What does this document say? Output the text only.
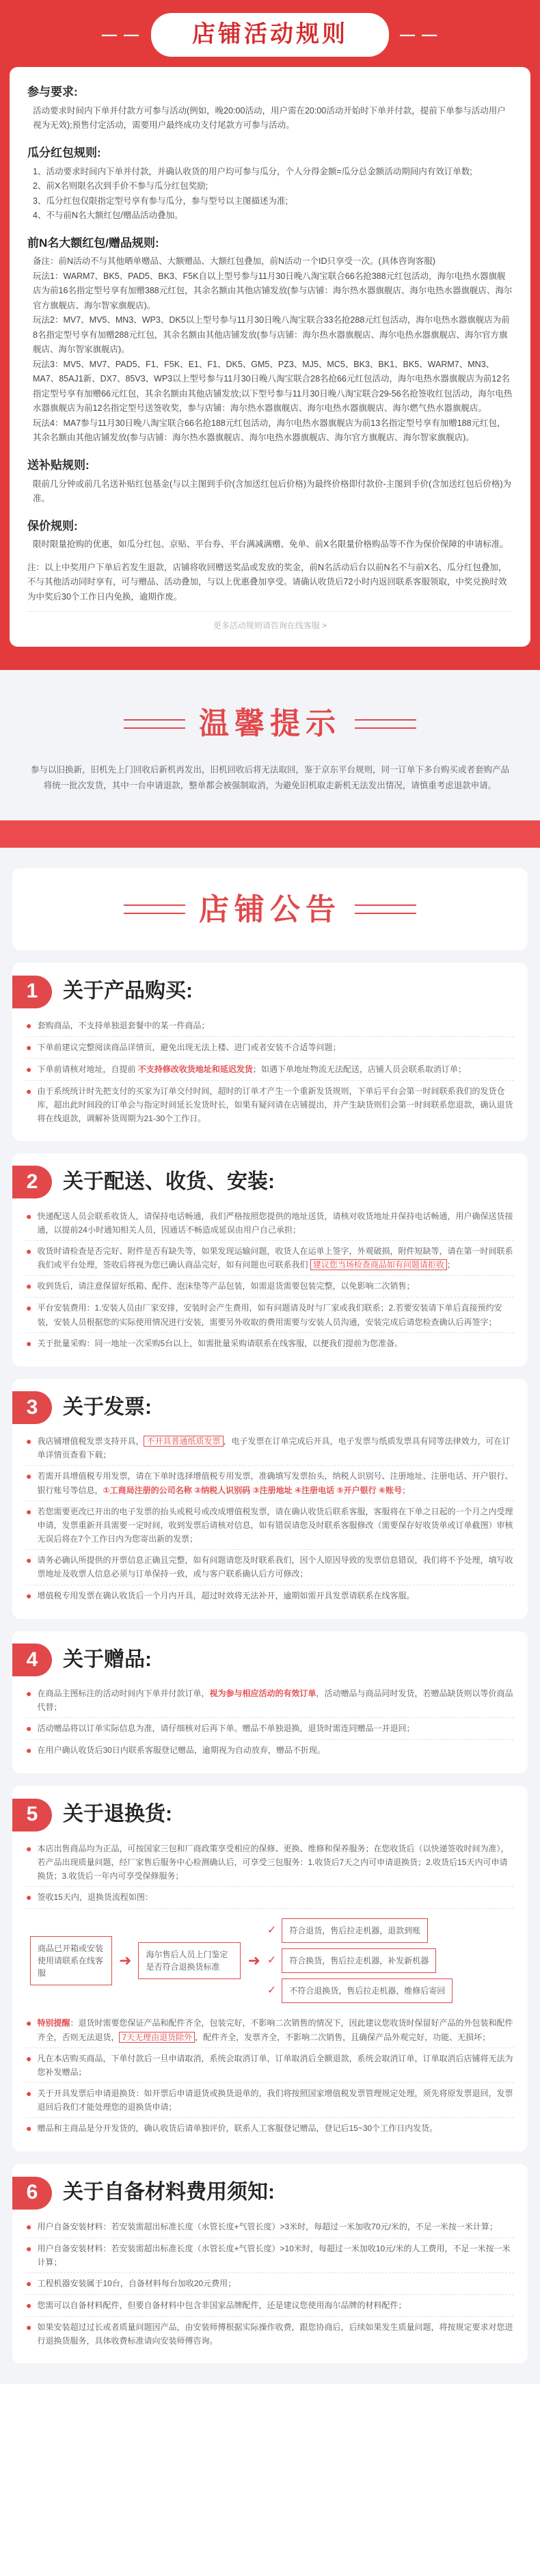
— —	店铺活动规则	— —
参与要求:

活动要求时间内下单并付款方可参与活动(例如，晚20:00活动，用户需在20:00活动开始时下单并付款，提前下单参与活动用户视为无效);预售付定活动，需要用户最终成功支付尾款方可参与活动。

瓜分红包规则:

1、活动要求时间内下单并付款，并确认收货的用户均可参与瓜分，个人分得金额=瓜分总金额活动期间内有效订单数;

2、前X名则限名次到手价不参与瓜分红包奖励;

3、瓜分红包仅限指定型号享有参与瓜分，参与型号以主图描述为准;

4、不与前N名大额红包/赠品活动叠加。

前N名大额红包/赠品规则:

备注：前N活动不与其他晒单赠品、大额赠品、大额红包叠加，前N活动一个ID只享受一次。(具体咨询客服)

玩法1：WARM7、BK5、PAD5、BK3、F5K自以上型号参与11月30日晚八淘宝联合66名抢388元红包活动，海尔电热水器旗舰店为前16名指定型号享有加赠388元红包，其余名额由其他店铺发放(参与店铺：海尔热水器旗舰店、海尔电热水器旗舰店、海尔官方旗舰店、海尔智家旗舰店)。

玩法2：MV7、MV5、MN3、WP3、DK5以上型号参与11月30日晚八淘宝联合33名抢288元红包活动，海尔电热水器旗舰店为前8名指定型号享有加赠288元红包，其余名额由其他店铺发放(参与店铺：海尔热水器旗舰店、海尔电热水器旗舰店、海尔官方旗舰店、海尔智家旗舰店)。

玩法3：MV5、MV7、PAD5、F1、F5K、E1、F1、DK5、GM5、PZ3、MJ5、MC5、BK3、BK1、BK5、WARM7、MN3、MA7、85AJ1新、DX7、85V3、WP3以上型号参与11月30日晚八淘宝联合28名抢66元红包活动，海尔电热水器旗舰店为前12名指定型号享有加赠66元红包，其余名额由其他店铺发放;以下型号参与11月30日晚八淘宝联合29-56名抢签收红包活动，海尔电热水器旗舰店为前12名指定型号送签收奖，参与店铺：海尔热水器旗舰店、海尔电热水器旗舰店、海尔燃气热水器旗舰店。

玩法4：MA7参与11月30日晚八淘宝联合66名抢188元红包活动，海尔电热水器旗舰店为前13名指定型号享有加赠188元红包，其余名额由其他店铺发放(参与店铺：海尔热水器旗舰店、海尔电热水器旗舰店、海尔官方旗舰店、海尔智家旗舰店)。

送补贴规则:

限前几分钟或前几名送补贴红包基金(与以主图到手价(含加送红包后价格)为最终价格即付款价-主图到手价(含加送红包后价格)为准。

保价规则:

限时限量抢购的优惠，如瓜分红包、京贴、平台券、平台满减满赠、免单、前X名限量价格购品等不作为保价保障的申请标准。

注：以上中奖用户下单后若发生退款，店铺将收回赠送奖品或发放的奖金，前N名活动后台以前N名不与前X名、瓜分红包叠加，不与其他活动同时享有，可与赠品、活动叠加，与以上优惠叠加享受。请确认收货后72小时内返回联系客服领取，中奖兑换时效为中奖后30个工作日内免换，逾期作废。

更多活动规则请咨询在线客服 >
温馨提示

参与以旧换新，旧机先上门回收后新机再发出，旧机回收后将无法取回，鉴于京东平台规则，同一订单下多台购买或者套购产品将统一批次发货，其中一台申请退款，整单都会被强制取消，为避免旧机取走新机无法发出情况，请慎重考虑退款申请。

店铺公告
1	关于产品购买:
● 套购商品，不支持单独退套餐中的某一件商品；
● 下单前建议完整阅读商品详情页，避免出现无法上楼、进门或者安装不合适等问题；
● 下单前请核对地址，自提前 不支持修改收货地址和延迟发货；如遇下单地址物流无法配送，店铺人员会联系取消订单；
● 由于系统统计时先把支付的买家为订单交付时间，超时的订单才产生一个重新发货规则，下单后平台会第一时间联系我们的发货仓库，超出此时间段的订单会与指定时间延长发货时长，如果有疑问请在店铺提出，并产生缺货则们会第一时间联系您退款，确认退货将在线退款，调解补货周期为21-30个工作日。
2	关于配送、收货、安装:
● 快递配送人员会联系收货人，请保持电话畅通，我们严格按照您提供的地址送货，请核对收货地址并保持电话畅通，用户确保送货接通，以提前24小时通知相关人员，因通话不畅造成延误由用户自己承担；
● 收货时请检查是否完好、附件是否有缺失等，如果发现运输问题，收货人在运单上签字，外观破损，附件短缺等，请在第一时间联系我们或平台处理，签收后将视为您已确认商品完好，如有问题也可联系我们 建议您当场检查商品如有问题请拒收 ；
● 收到货后，请注意保留好纸箱、配件、泡沫垫等产品包装，如需退货需要包装完整，以免影响二次销售；
● 平台安装费用：1.安装人员由厂家安排，安装时会产生费用，如有问题请及时与厂家或我们联系；2.若要安装请下单后直接预约安装，安装人员根据您的实际使用情况进行安装，需要另外收取的费用需要与安装人员沟通，安装完成后请您检查确认后再签字；
● 关于批量采购：同一地址一次采购5台以上，如需批量采购请联系在线客服，以便我们提前为您准备。
3	关于发票:
● 我店铺增值税发票支持开具， 不开具普通纸质发票 ，电子发票在订单完成后开具，电子发票与纸质发票具有同等法律效力，可在订单详情页查看下载；
● 若需开具增值税专用发票，请在下单时选择增值税专用发票，准确填写发票抬头，纳税人识别号、注册地址、注册电话、开户银行、银行账号等信息，①工商局注册的公司名称 ②纳税人识别码 ③注册地址 ④注册电话 ⑤开户银行 ⑥账号；
● 若您需要更改已开出的电子发票的抬头或税号或改成增值税发票，请在确认收货后联系客服，客服将在下单之日起的一个月之内受理申请，发票重新开具需要一定时间，收到发票后请核对信息，如有错误请您及时联系客服修改（需要保存好收货单或订单截图）审核无误后将在7个工作日内为您寄出新的发票；
● 请务必确认所提供的开票信息正确且完整，如有问题请您及时联系我们，因个人原因导致的发票信息错误，我们将不予处理，填写收票地址及收票人信息必须与订单保持一致，或与客户联系确认后方可修改；
● 增值税专用发票在确认收货后一个月内开具，超过时效将无法补开，逾期如需开具发票请联系在线客服。
4	关于赠品:
● 在商品主图标注的活动时间内下单并付款订单，视为参与相应活动的有效订单，活动赠品与商品同时发货，若赠品缺货则以等价商品代替；
● 活动赠品将以订单实际信息为准，请仔细核对后再下单。赠品不单独退换，退货时需连同赠品一并退回；
● 在用户确认收货后30日内联系客服登记赠品，逾期视为自动放弃，赠品不折现。
5	关于退换货:
● 本店出售商品均为正品，可按国家三包和厂商政策享受相应的保修、更换、维修和保养服务；在您收货后（以快递签收时间为准），若产品出现质量问题，经厂家售后服务中心检测确认后，可享受三包服务：1.收货后7天之内可申请退换货；2.收货后15天内可申请换货；3.收货后一年内可享受保修服务；
● 签收15天内，退换货流程如图：
商品已开箱或安装使用请联系在线客服
➜	海尔售后人员上门鉴定是否符合退换货标准	➜
✓	符合退货，售后拉走机器，退款到账
✓	符合换货，售后拉走机器，补发新机器
✓	不符合退换货，售后拉走机器，维修后寄回
● 特别提醒：退货时需要您保证产品和配件齐全，包装完好，不影响二次销售的情况下，因此建议您收货时保留好产品的外包装和配件齐全，否则无法退货， 7天无理由退货除外 ，配件齐全，发票齐全，不影响二次销售，且确保产品外观完好，功能、无损坏；
● 凡在本店购买商品，下单付款后一旦申请取消，系统会取消订单，订单取消后全额退款，系统会取消订单，订单取消后店铺将无法为您补发赠品；
● 关于开具发票后申请退换货：如开票后申请退货或换货退单的，我们将按照国家增值税发票管理规定处理，须先将原发票退回，发票退回后我们才能处理您的退换货申请；
● 赠品和主商品是分开发货的，确认收货后请单独评价，联系人工客服登记赠品，登记后15~30个工作日内发货。
6	关于自备材料费用须知:
● 用户自备安装材料：若安装需超出标准长度（水管长度+气管长度）>3米时，每超过一米加收70元/米的，不足一米按一米计算；
● 用户自备安装材料：若安装需超出标准长度（水管长度+气管长度）>10米时，每超过一米加收10元/米的人工费用，不足一米按一米计算；
● 工程机器安装属于10台，自备材料每台加收20元费用；
● 您需可以自备材料配件，但要自备材料中包含非国家品牌配件，还是建议您使用海尔品牌的材料配件；
● 如果安装超过过长或者质量问题因产品，由安装师傅根据实际操作收费，跟您协商后，后续如果发生质量问题，将按规定要求对您进行退换货服务，具体收费标准请向安装师傅咨询。
